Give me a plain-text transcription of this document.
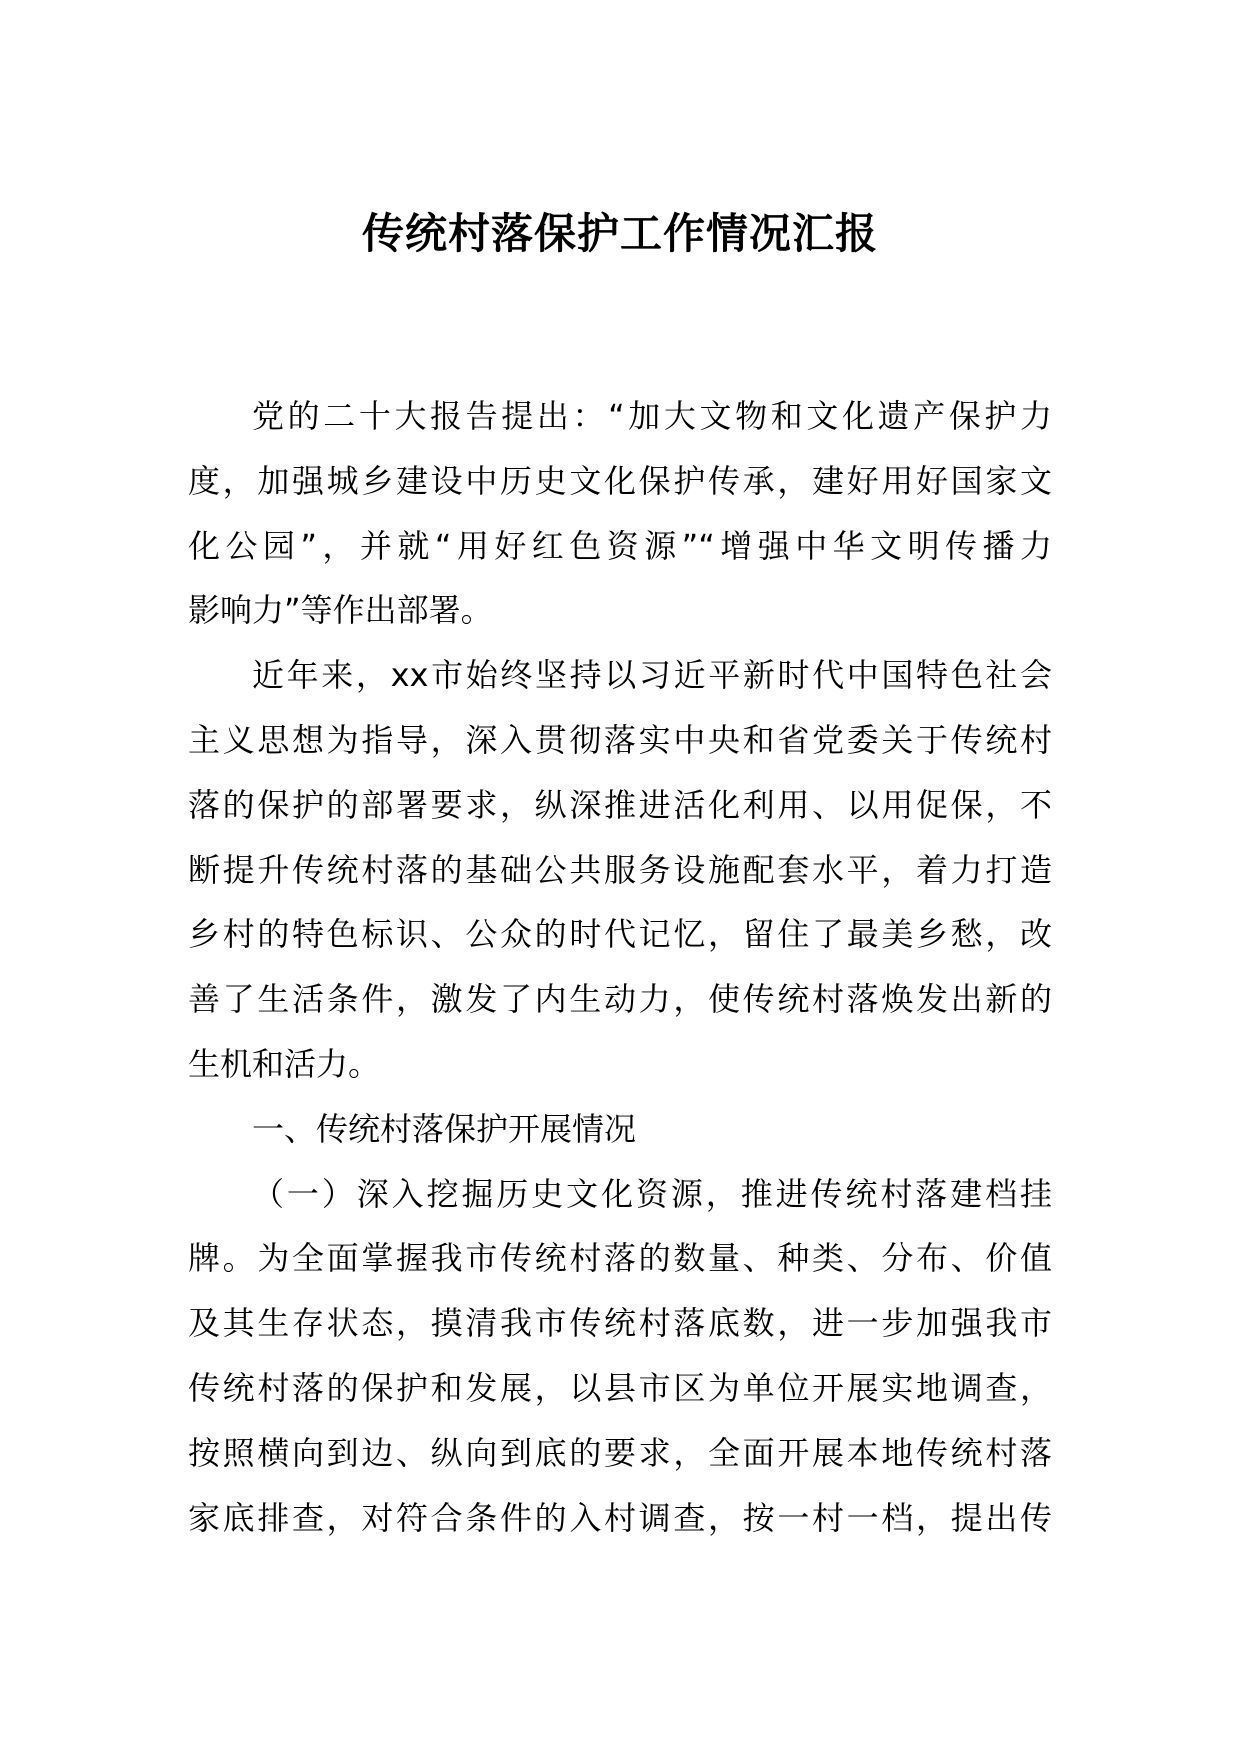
传统村落保护工作情况汇报
党的二十大报告提出：“加大文物和文化遗产保护力
度，加强城乡建设中历史文化保护传承，建好用好国家文
化公园”，并就“用好红色资源”“增强中华文明传播力
影响力”等作出部署。
近年来，xx市始终坚持以习近平新时代中国特色社会
主义思想为指导，深入贯彻落实中央和省党委关于传统村
落的保护的部署要求，纵深推进活化利用、以用促保，不
断提升传统村落的基础公共服务设施配套水平，着力打造
乡村的特色标识、公众的时代记忆，留住了最美乡愁，改
善了生活条件，激发了内生动力，使传统村落焕发出新的
生机和活力。
一、传统村落保护开展情况
（一）深入挖掘历史文化资源，推进传统村落建档挂
牌。为全面掌握我市传统村落的数量、种类、分布、价值
及其生存状态，摸清我市传统村落底数，进一步加强我市
传统村落的保护和发展，以县市区为单位开展实地调查，
按照横向到边、纵向到底的要求，全面开展本地传统村落
家底排查，对符合条件的入村调查，按一村一档，提出传
